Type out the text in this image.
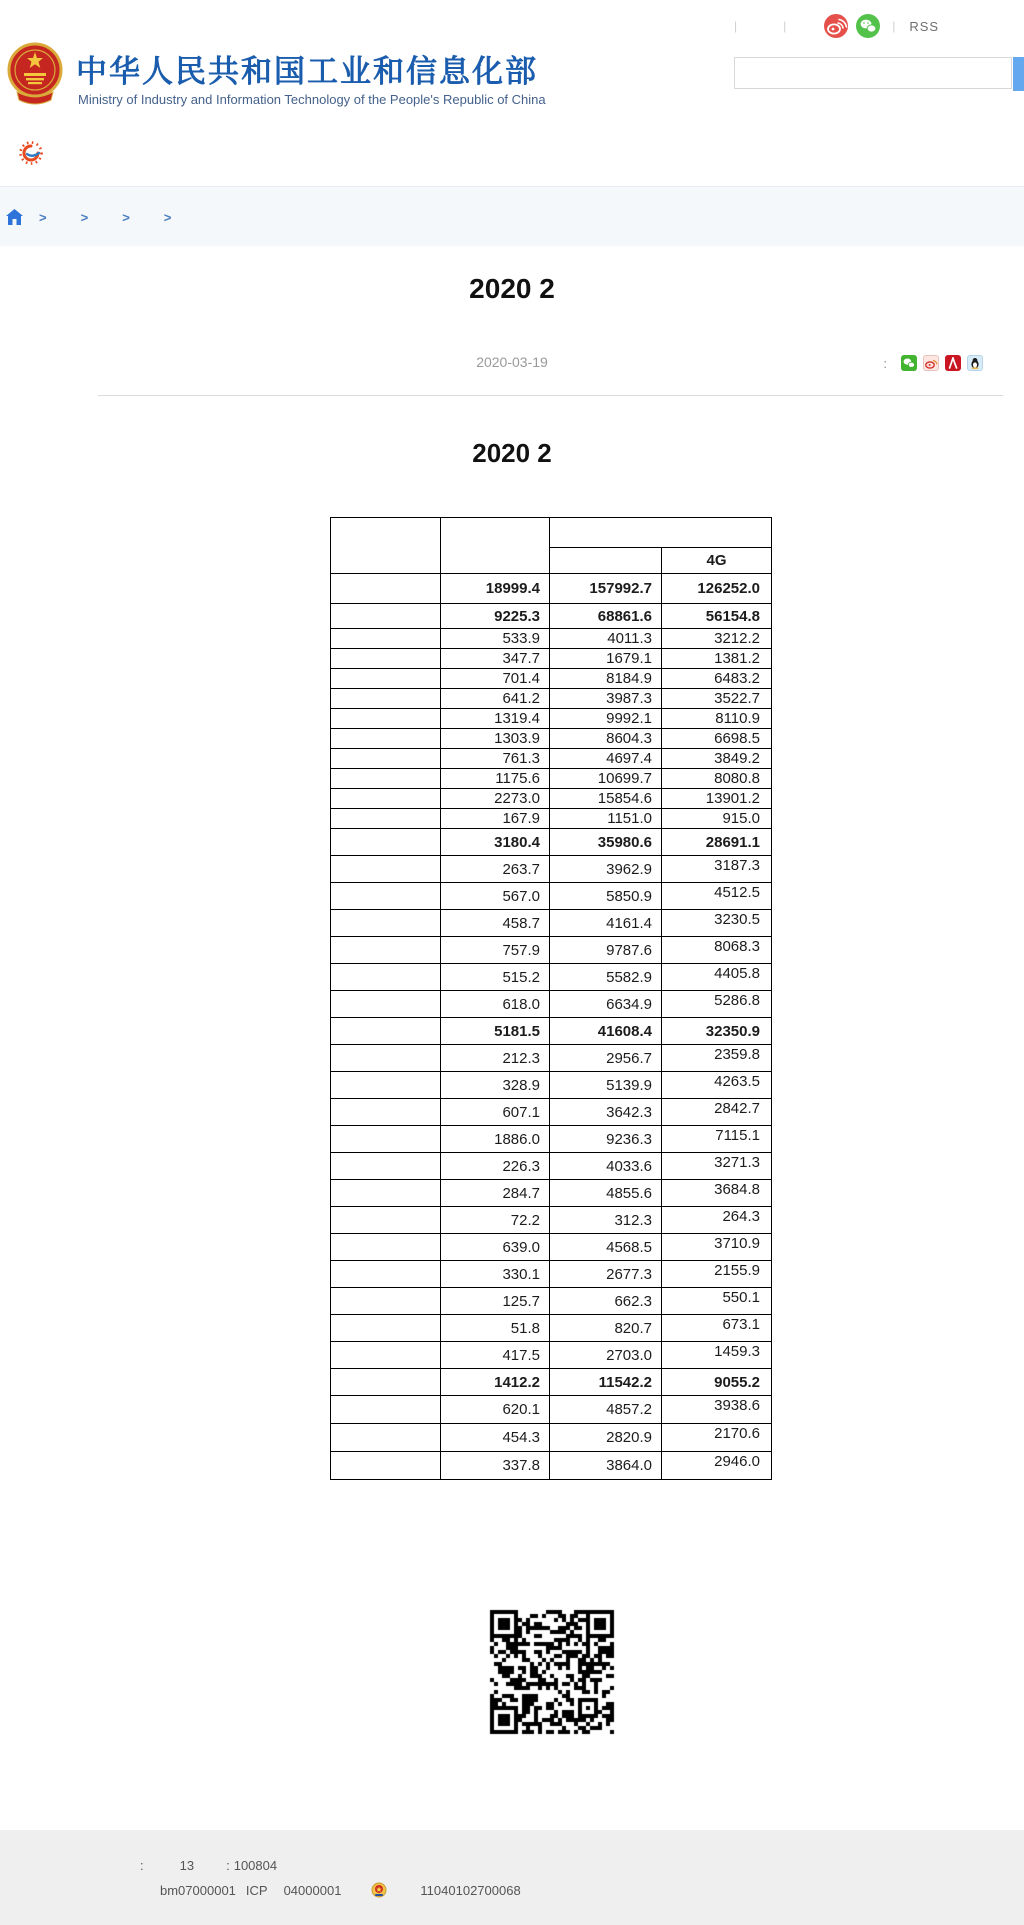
|	|	| RSS
中华人民共和国工业和信息化部
Ministry of Industry and Information Technology of the People's Republic of China
>	>	>	>
2020 2
2020-03-19	:
2020 2

			4G
	18999.4	157992.7	126252.0
	9225.3	68861.6	56154.8
	533.9	4011.3	3212.2
	347.7	1679.1	1381.2
	701.4	8184.9	6483.2
	641.2	3987.3	3522.7
	1319.4	9992.1	8110.9
	1303.9	8604.3	6698.5
	761.3	4697.4	3849.2
	1175.6	10699.7	8080.8
	2273.0	15854.6	13901.2
	167.9	1151.0	915.0
	3180.4	35980.6	28691.1
	263.7	3962.9	3187.3
	567.0	5850.9	4512.5
	458.7	4161.4	3230.5
	757.9	9787.6	8068.3
	515.2	5582.9	4405.8
	618.0	6634.9	5286.8
	5181.5	41608.4	32350.9
	212.3	2956.7	2359.8
	328.9	5139.9	4263.5
	607.1	3642.3	2842.7
	1886.0	9236.3	7115.1
	226.3	4033.6	3271.3
	284.7	4855.6	3684.8
	72.2	312.3	264.3
	639.0	4568.5	3710.9
	330.1	2677.3	2155.9
	125.7	662.3	550.1
	51.8	820.7	673.1
	417.5	2703.0	1459.3
	1412.2	11542.2	9055.2
	620.1	4857.2	3938.6
	454.3	2820.9	2170.6
	337.8	3864.0	2946.0
:	13 : 100804
bm07000001 ICP 04000001	11040102700068
